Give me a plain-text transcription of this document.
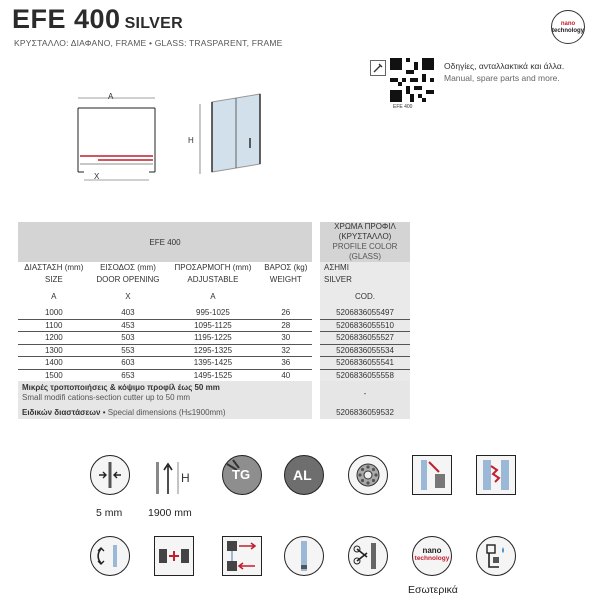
EFE 400 SILVER
ΚΡΥΣΤΑΛΛΟ: ΔΙΑΦΑΝΟ, FRAME • GLASS: TRASPARENT, FRAME
nano
technology
EFE 400
Οδηγίες, ανταλλακτικά και άλλα.
Manual, spare parts and more.
A
X
H
EFE 400					ΧΡΩΜΑ ΠΡΟΦΙΛ (ΚΡΥΣΤΑΛΛΟ)
PROFILE COLOR (GLASS)

ΔΙΑΣΤΑΣΗ (mm)	ΕΙΣΟΔΟΣ (mm)	ΠΡΟΣΑΡΜΟΓΗ (mm)	ΒΑΡΟΣ (kg)		ΑΣΗΜΙ
SIZE	DOOR OPENING	ADJUSTABLE	WEIGHT		SILVER
A	X	A			COD.
1000	403	995-1025	26		5206836055497
1100	453	1095-1125	28		5206836055510
1200	503	1195-1225	30		5206836055527
1300	553	1295-1325	32		5206836055534
1400	603	1395-1425	36		5206836055541
1500	653	1495-1525	40		5206836055558

Μικρές τροποποιήσεις & κόψιμο προφίλ έως 50 mm
Small modifi cations-section cutter up to 50 mm					-
Ειδικών διαστάσεων • Special dimensions (H≤1900mm)					5206836059532
5 mm
H
1900 mm
TG	AL
nano
technology
Εσωτερικά
